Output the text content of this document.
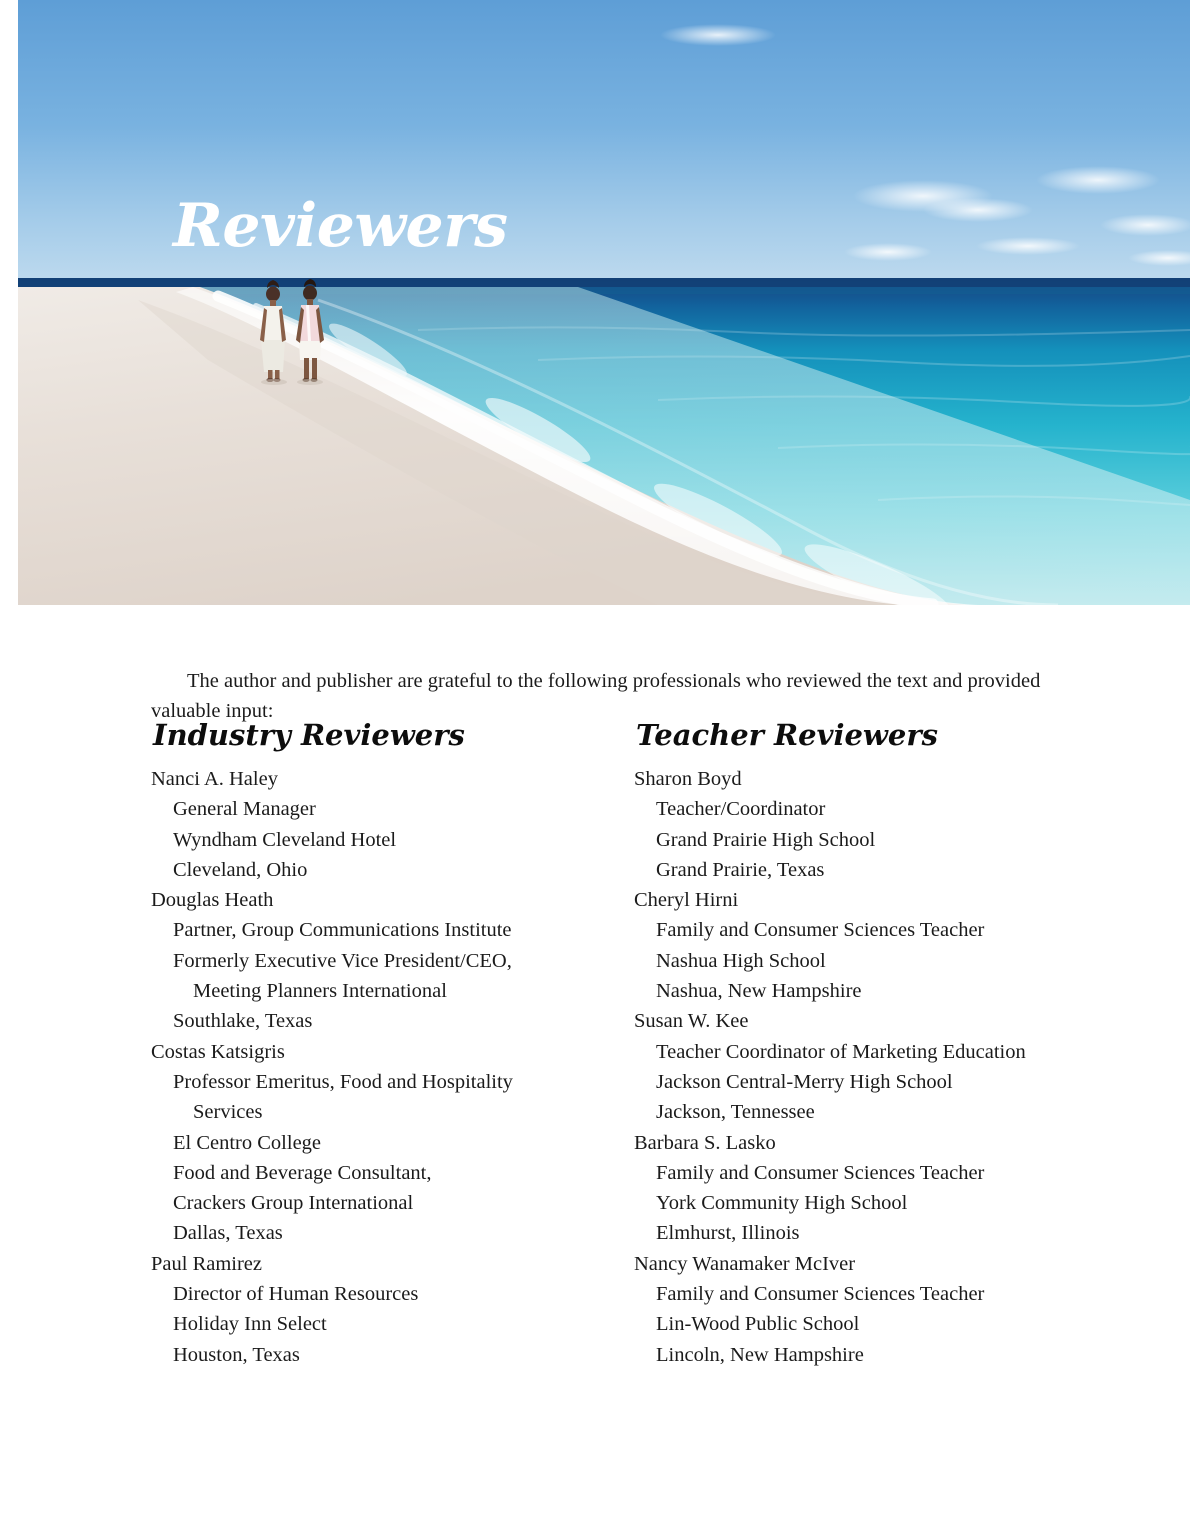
Reviewers

The author and publisher are grateful to the following professionals who reviewed the text and provided valuable input:

Industry Reviewers
Nanci A. Haley
General Manager
Wyndham Cleveland Hotel
Cleveland, Ohio
Douglas Heath
Partner, Group Communications Institute
Formerly Executive Vice President/CEO,
Meeting Planners International
Southlake, Texas
Costas Katsigris
Professor Emeritus, Food and Hospitality
Services
El Centro College
Food and Beverage Consultant,
Crackers Group International
Dallas, Texas
Paul Ramirez
Director of Human Resources
Holiday Inn Select
Houston, Texas
Teacher Reviewers
Sharon Boyd
Teacher/Coordinator
Grand Prairie High School
Grand Prairie, Texas
Cheryl Hirni
Family and Consumer Sciences Teacher
Nashua High School
Nashua, New Hampshire
Susan W. Kee
Teacher Coordinator of Marketing Education
Jackson Central-Merry High School
Jackson, Tennessee
Barbara S. Lasko
Family and Consumer Sciences Teacher
York Community High School
Elmhurst, Illinois
Nancy Wanamaker McIver
Family and Consumer Sciences Teacher
Lin-Wood Public School
Lincoln, New Hampshire
